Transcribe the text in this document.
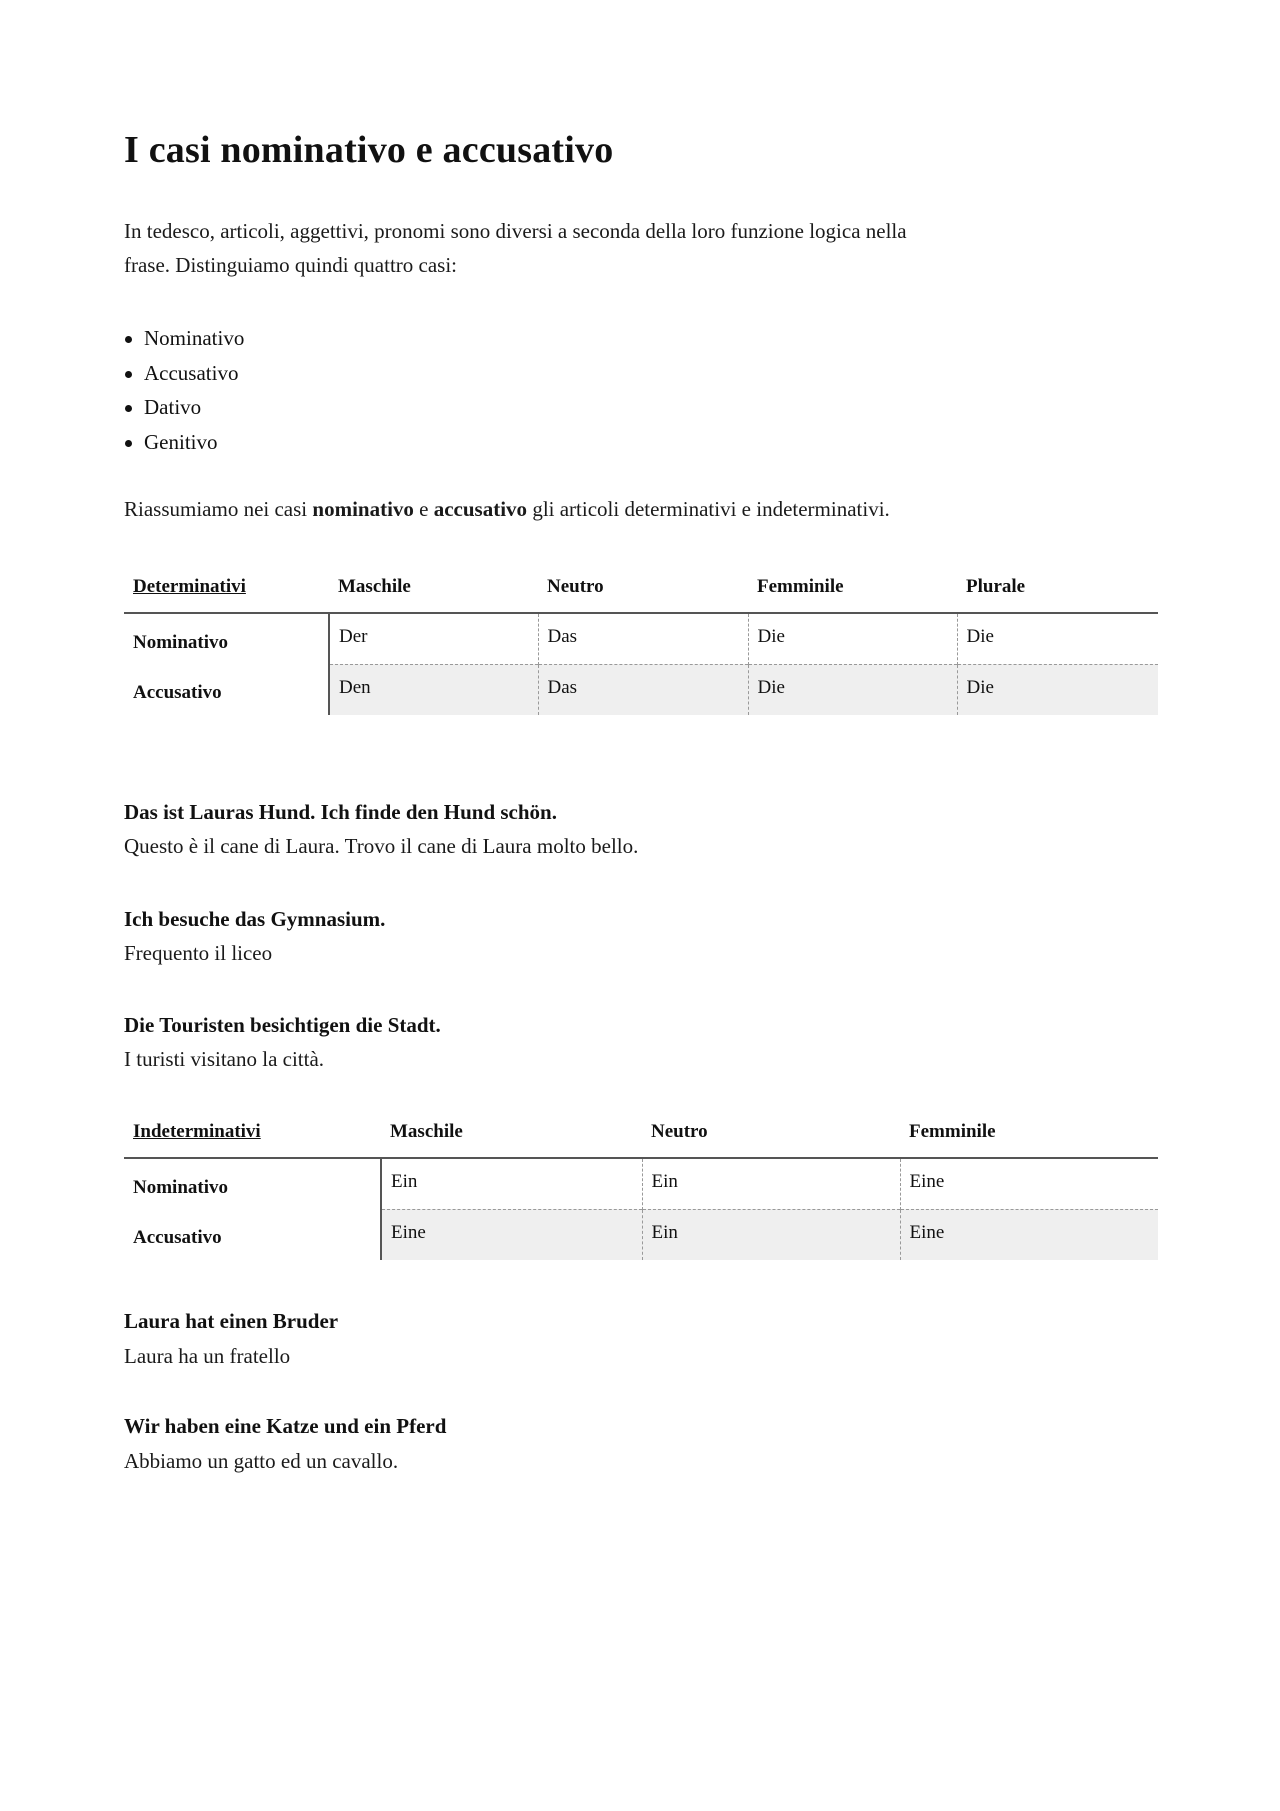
I casi nominativo e accusativo
In tedesco, articoli, aggettivi, pronomi sono diversi a seconda della loro funzione logica nella
frase. Distinguiamo quindi quattro casi:
Nominativo
Accusativo
Dativo
Genitivo
Riassumiamo nei casi nominativo e accusativo gli articoli determinativi e indeterminativi.
Determinativi	Maschile	Neutro	Femminile	Plurale
Nominativo	Der	Das	Die	Die
Accusativo	Den	Das	Die	Die
Das ist Lauras Hund. Ich finde den Hund schön.
Questo è il cane di Laura. Trovo il cane di Laura molto bello.
Ich besuche das Gymnasium.
Frequento il liceo
Die Touristen besichtigen die Stadt.
I turisti visitano la città.
Indeterminativi	Maschile	Neutro	Femminile
Nominativo	Ein	Ein	Eine
Accusativo	Eine	Ein	Eine
Laura hat einen Bruder
Laura ha un fratello
Wir haben eine Katze und ein Pferd
Abbiamo un gatto ed un cavallo.
